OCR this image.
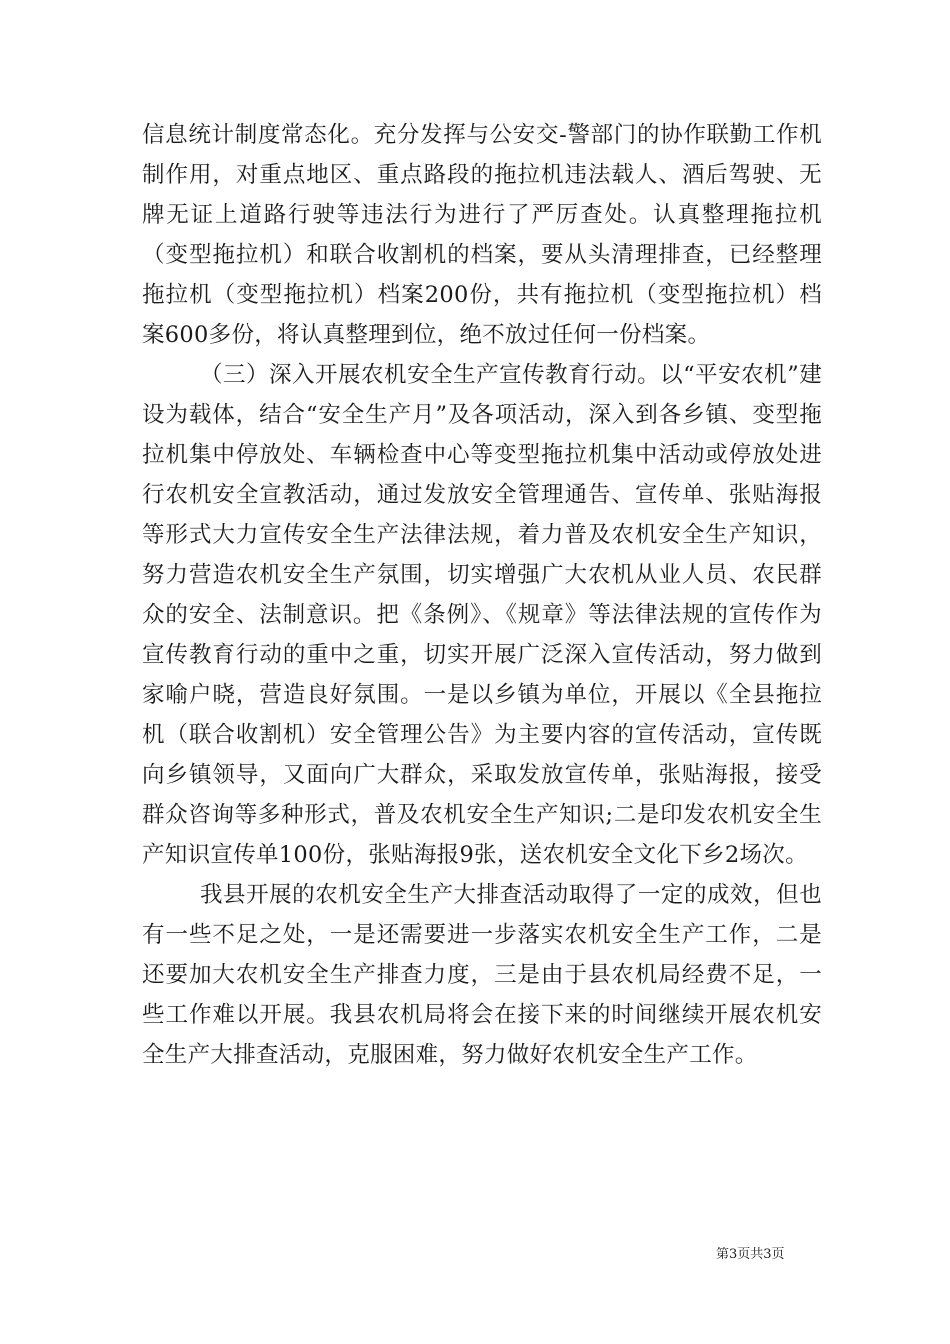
信息统计制度常态化。充分发挥与公安交-警部门的协作联勤工作机制作用，对重点地区、重点路段的拖拉机违法载人、酒后驾驶、无牌无证上道路行驶等违法行为进行了严厉查处。认真整理拖拉机（变型拖拉机）和联合收割机的档案，要从头清理排查，已经整理拖拉机（变型拖拉机）档案200份，共有拖拉机（变型拖拉机）档案600多份，将认真整理到位，绝不放过任何一份档案。

（三）深入开展农机安全生产宣传教育行动。以“平安农机”建设为载体，结合“安全生产月”及各项活动，深入到各乡镇、变型拖拉机集中停放处、车辆检查中心等变型拖拉机集中活动或停放处进行农机安全宣教活动，通过发放安全管理通告、宣传单、张贴海报等形式大力宣传安全生产法律法规，着力普及农机安全生产知识，努力营造农机安全生产氛围，切实增强广大农机从业人员、农民群众的安全、法制意识。把《条例》、《规章》等法律法规的宣传作为宣传教育行动的重中之重，切实开展广泛深入宣传活动，努力做到家喻户晓，营造良好氛围。一是以乡镇为单位，开展以《全县拖拉机（联合收割机）安全管理公告》为主要内容的宣传活动，宣传既向乡镇领导，又面向广大群众，采取发放宣传单，张贴海报，接受群众咨询等多种形式，普及农机安全生产知识;二是印发农机安全生产知识宣传单100份，张贴海报9张，送农机安全文化下乡2场次。

我县开展的农机安全生产大排查活动取得了一定的成效，但也有一些不足之处，一是还需要进一步落实农机安全生产工作，二是还要加大农机安全生产排查力度，三是由于县农机局经费不足，一些工作难以开展。我县农机局将会在接下来的时间继续开展农机安全生产大排查活动，克服困难，努力做好农机安全生产工作。

第3页共3页
